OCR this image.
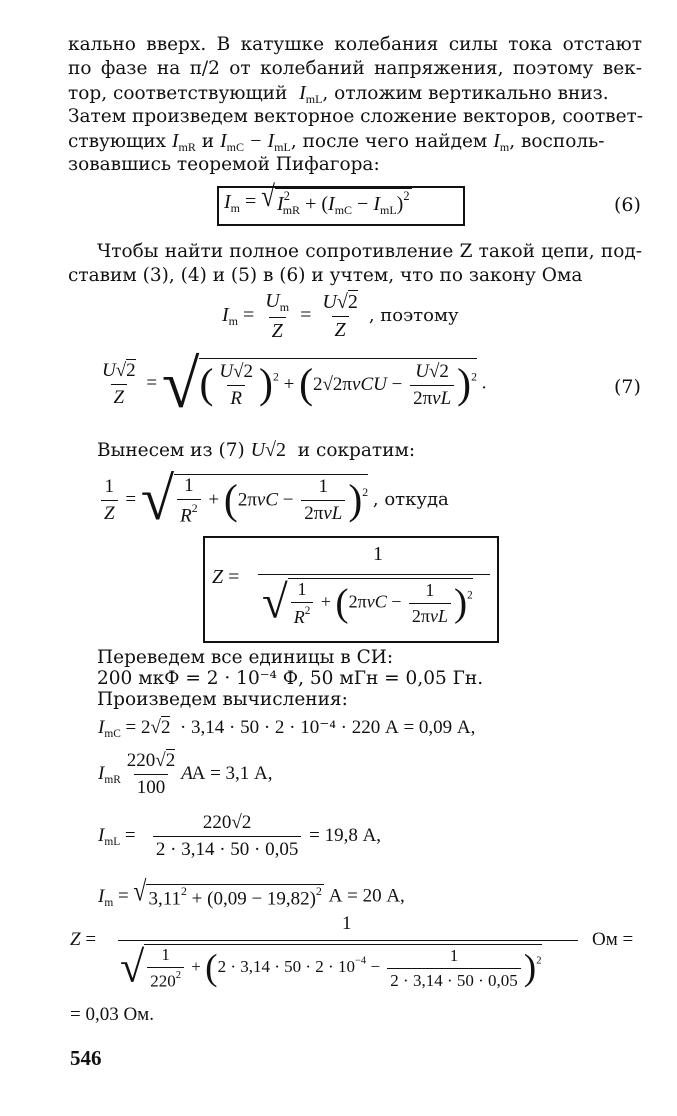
кально вверх. В катушке колебания силы тока отстают
по фазе на π/2 от колебаний напряжения, поэтому век-
тор, соответствующий $I_{mL}$, отложим вертикально вниз.
Затем произведем векторное сложение векторов, соответ-
ствующих $I_{mR}$ и $I_{mC} - I_{mL}$, после чего найдем $I_m$, восполь-
зовавшись теоремой Пифагора:
$I_m$ = √ $I^2_{mR} + (I_{mC} - I_{mL})^2$	(6)
Чтобы найти полное сопротивление Z такой цепи, под-
ставим (3), (4) и (5) в (6) и учтем, что по закону Ома
$I_m = \frac{U_m}{Z} = \frac{U√2}{Z}$ , поэтому
$\frac{U√2}{Z}$ = √( $\frac{U√2}{R} )^2 + (2√2\pi\nu CU - \frac{U√2}{\text{2πνL}} )^2$ .	(7)
Вынесем из (7) U√2 и сократим:
$\frac{1}{Z}$ = √ $\frac{1}{R^2} + (2\pi\nu C - \frac{1}{\text{2πνL}} )^2$ , откуда
Z =
1
√ $\frac{1}{R^2} + (2\pi\nu C - \frac{1}{\text{2πνL}} )^2$
Переведем все единицы в СИ:
200 мкФ = 2 · 10⁻⁴ Ф, 50 мГн = 0,05 Гн.
Произведем вычисления:
$I_{mC} = 2√2 \cdot 3,14 \cdot 50 \cdot 2 \cdot 10^{-4} \cdot 220$ А = 0,09 А,
$I_{mR} \frac{220√2}{100}$ A А = 3,1 А,
$I_{mL} = \frac{220√2}{2 \cdot 3,14 \cdot 50 \cdot 0,05} = 19,8$ А,
$I_m$ = √ $3,11^2 + (0,09 - 19,82)^2$ А = 20 А,
Z =
1
Ом =
√ $\frac{1}{220^2} + (2 \cdot 3,14 \cdot 50 \cdot 2 \cdot 10^{-4} - \frac{1}{2 \cdot 3,14 \cdot 50 \cdot 0,05} )^2$
= 0,03 Ом.
546
